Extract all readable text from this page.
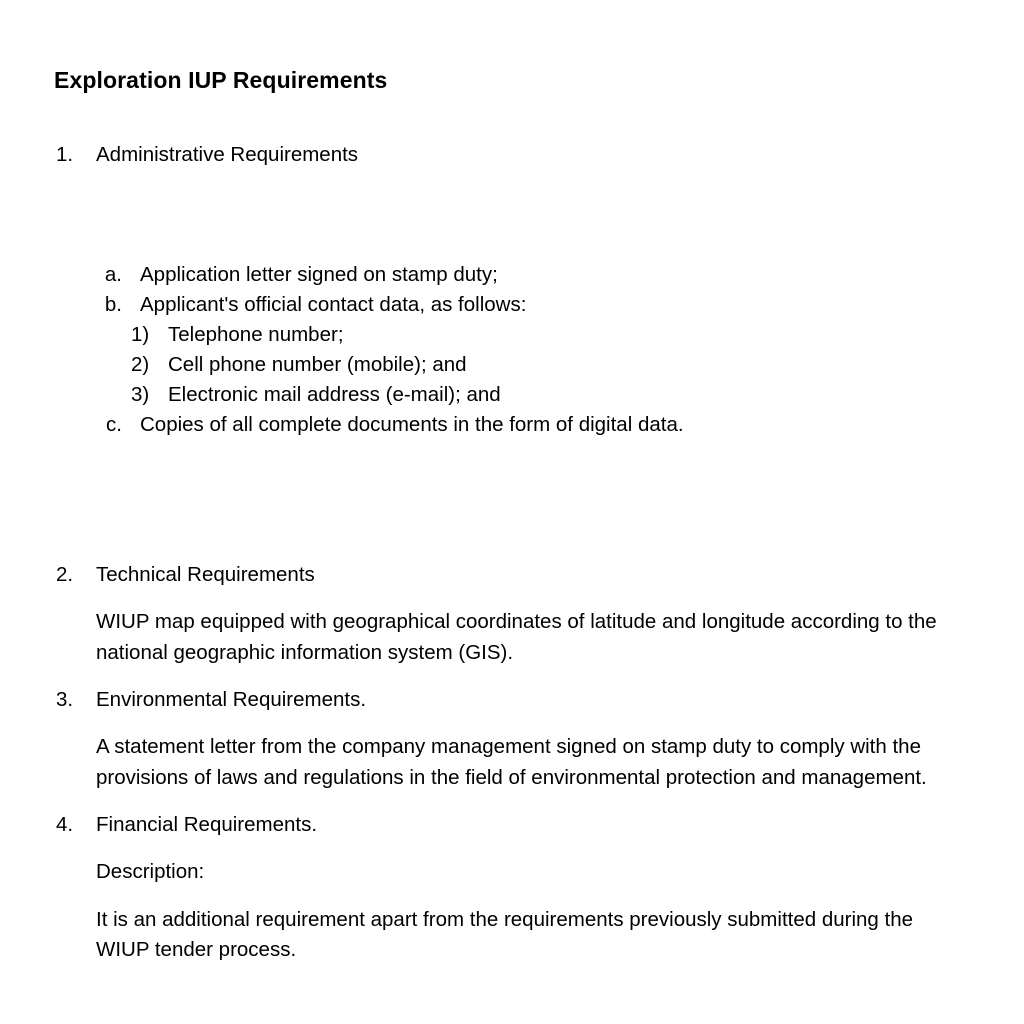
Exploration IUP Requirements
1.	Administrative Requirements
a. Application letter signed on stamp duty;
b. Applicant's official contact data, as follows:
1) Telephone number;
2) Cell phone number (mobile); and
3) Electronic mail address (e-mail); and
c. Copies of all complete documents in the form of digital data.
2.	Technical Requirements

WIUP map equipped with geographical coordinates of latitude and longitude according to the national geographic information system (GIS).

3.	Environmental Requirements.

A statement letter from the company management signed on stamp duty to comply with the provisions of laws and regulations in the field of environmental protection and management.

4.	Financial Requirements.

Description:

It is an additional requirement apart from the requirements previously submitted during the WIUP tender process.
